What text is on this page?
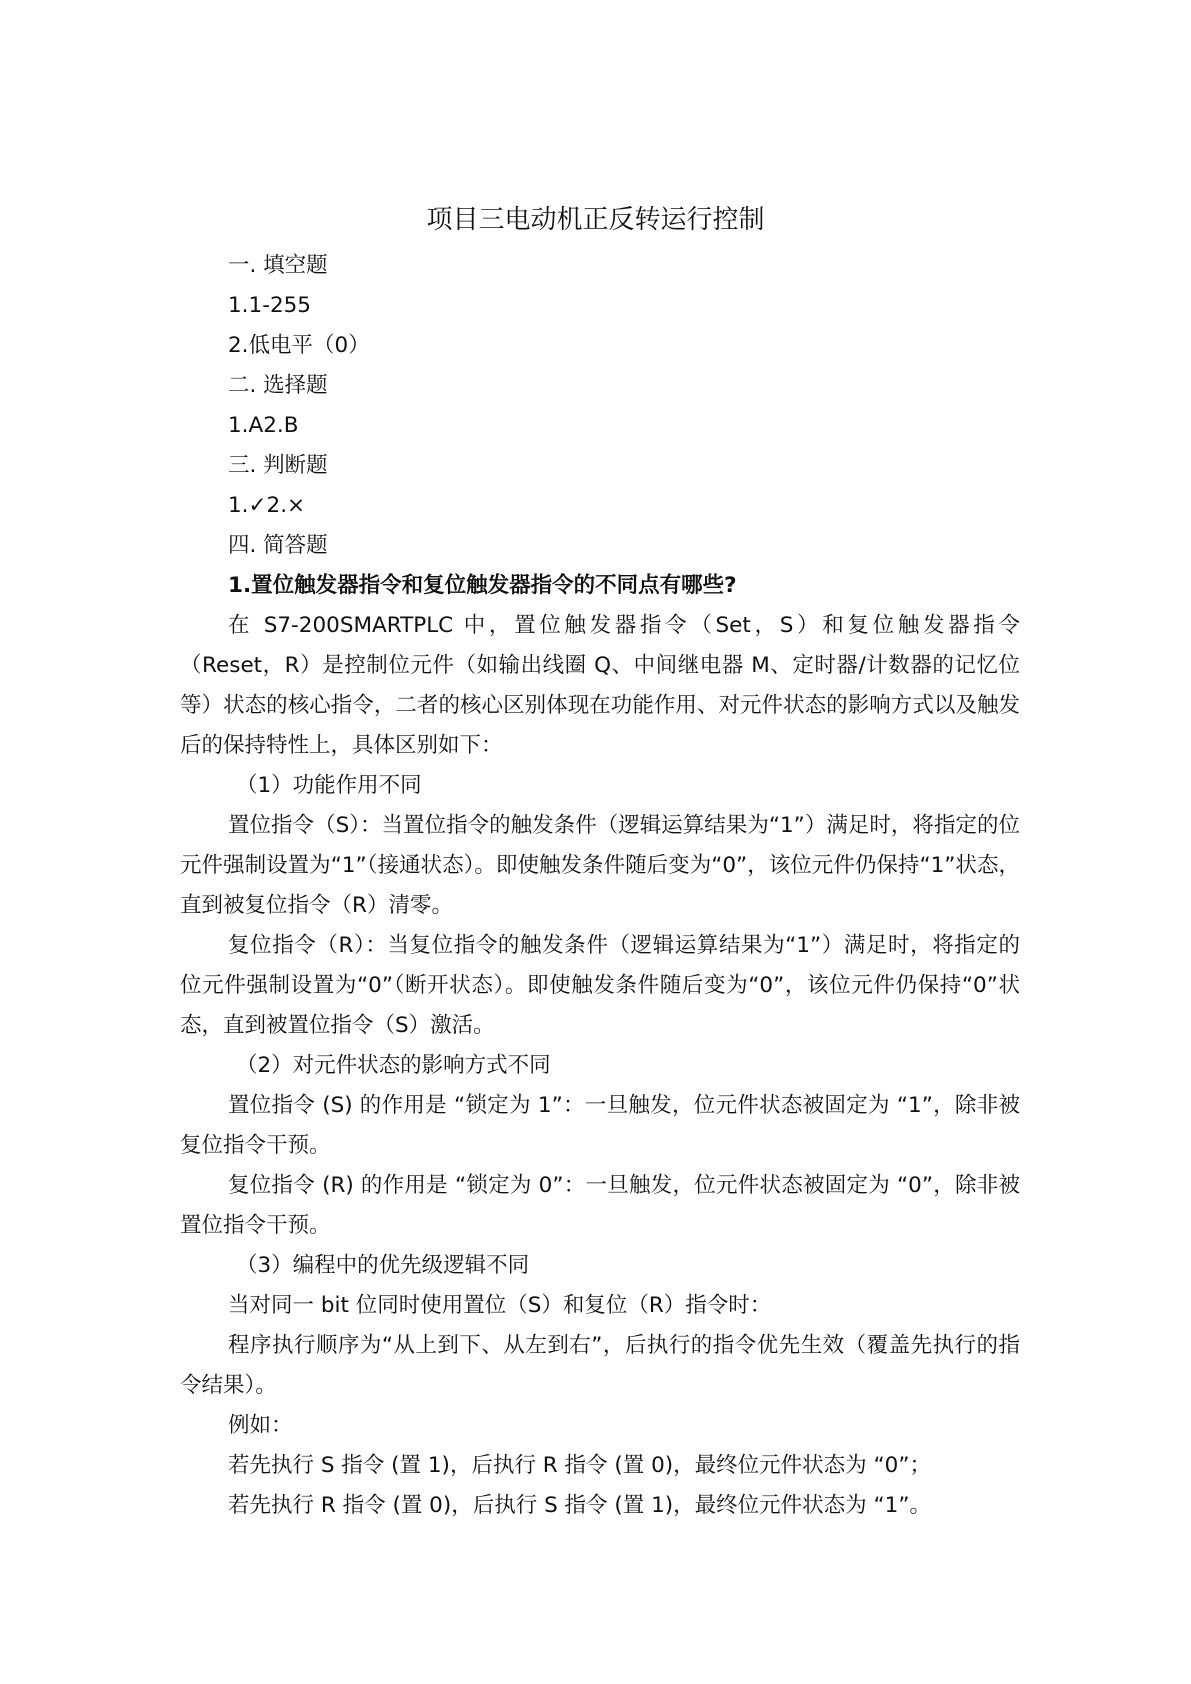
项目三电动机正反转运行控制

一. 填空题

1.1-255

2.低电平（0）

二. 选择题

1.A2.B

三. 判断题

1.✓2.×

四. 简答题

1.置位触发器指令和复位触发器指令的不同点有哪些?

在 S7-200SMARTPLC 中，置位触发器指令（Set，S）和复位触发器指令（Reset，R）是控制位元件（如输出线圈 Q、中间继电器 M、定时器/计数器的记忆位等）状态的核心指令，二者的核心区别体现在功能作用、对元件状态的影响方式以及触发后的保持特性上，具体区别如下：

（1）功能作用不同

置位指令（S）：当置位指令的触发条件（逻辑运算结果为“1”）满足时，将指定的位元件强制设置为“1”（接通状态）。即使触发条件随后变为“0”，该位元件仍保持“1”状态，直到被复位指令（R）清零。

复位指令（R）：当复位指令的触发条件（逻辑运算结果为“1”）满足时，将指定的位元件强制设置为“0”（断开状态）。即使触发条件随后变为“0”，该位元件仍保持“0”状态，直到被置位指令（S）激活。

（2）对元件状态的影响方式不同

置位指令 (S) 的作用是 “锁定为 1”：一旦触发，位元件状态被固定为 “1”，除非被复位指令干预。

复位指令 (R) 的作用是 “锁定为 0”：一旦触发，位元件状态被固定为 “0”，除非被置位指令干预。

（3）编程中的优先级逻辑不同

当对同一 bit 位同时使用置位（S）和复位（R）指令时：

程序执行顺序为“从上到下、从左到右”，后执行的指令优先生效（覆盖先执行的指令结果）。

例如：

若先执行 S 指令 (置 1)，后执行 R 指令 (置 0)，最终位元件状态为 “0”；

若先执行 R 指令 (置 0)，后执行 S 指令 (置 1)，最终位元件状态为 “1”。
